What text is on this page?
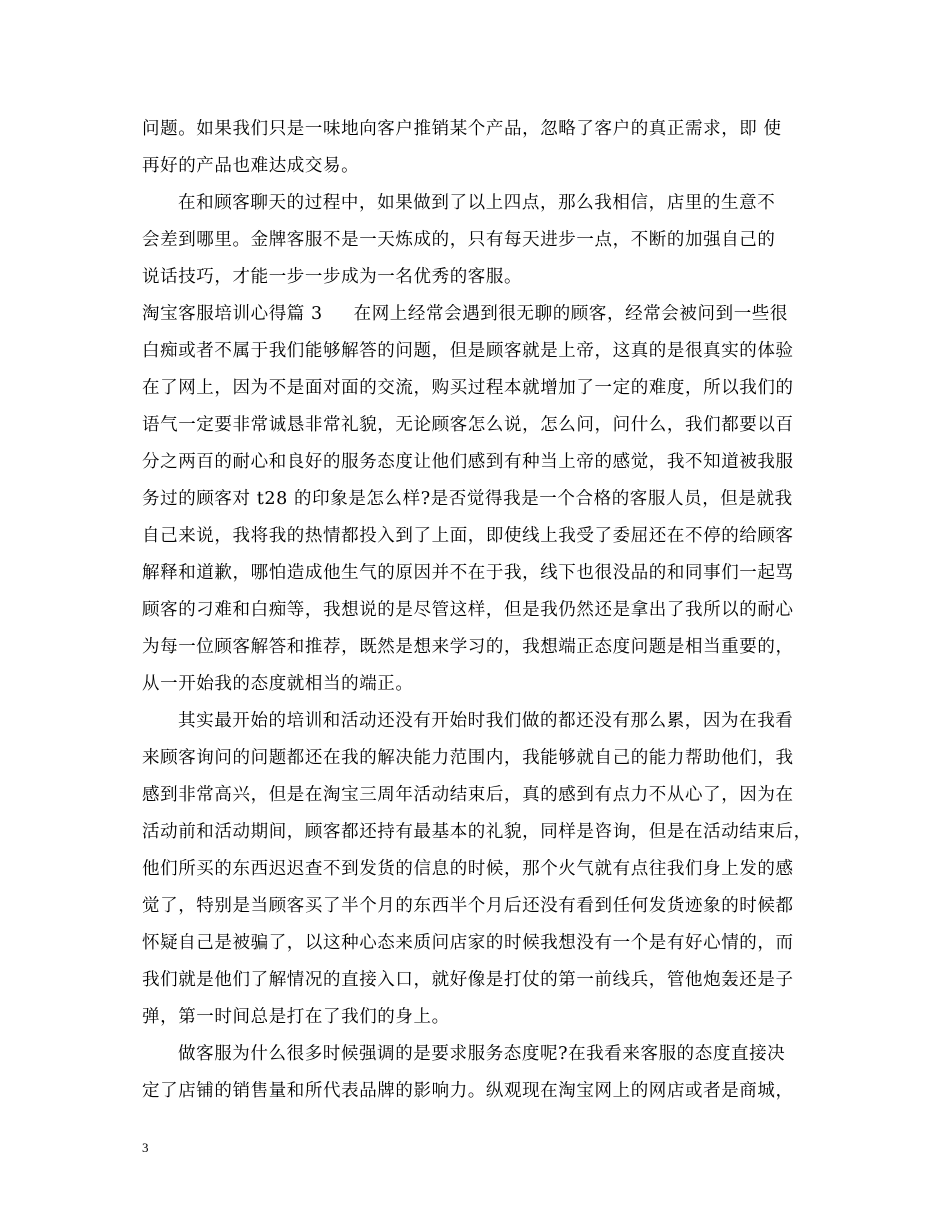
问题。如果我们只是一味地向客户推销某个产品，忽略了客户的真正需求，即 使
再好的产品也难达成交易。
在和顾客聊天的过程中，如果做到了以上四点，那么我相信，店里的生意不
会差到哪里。金牌客服不是一天炼成的，只有每天进步一点，不断的加强自己的
说话技巧，才能一步一步成为一名优秀的客服。
淘宝客服培训心得篇 3     在网上经常会遇到很无聊的顾客，经常会被问到一些很
白痴或者不属于我们能够解答的问题，但是顾客就是上帝，这真的是很真实的体验
在了网上，因为不是面对面的交流，购买过程本就增加了一定的难度，所以我们的
语气一定要非常诚恳非常礼貌，无论顾客怎么说，怎么问，问什么，我们都要以百
分之两百的耐心和良好的服务态度让他们感到有种当上帝的感觉，我不知道被我服
务过的顾客对 t28 的印象是怎么样?是否觉得我是一个合格的客服人员，但是就我
自己来说，我将我的热情都投入到了上面，即使线上我受了委屈还在不停的给顾客
解释和道歉，哪怕造成他生气的原因并不在于我，线下也很没品的和同事们一起骂
顾客的刁难和白痴等，我想说的是尽管这样，但是我仍然还是拿出了我所以的耐心
为每一位顾客解答和推荐，既然是想来学习的，我想端正态度问题是相当重要的，
从一开始我的态度就相当的端正。
其实最开始的培训和活动还没有开始时我们做的都还没有那么累，因为在我看
来顾客询问的问题都还在我的解决能力范围内，我能够就自己的能力帮助他们，我
感到非常高兴，但是在淘宝三周年活动结束后，真的感到有点力不从心了，因为在
活动前和活动期间，顾客都还持有最基本的礼貌，同样是咨询，但是在活动结束后，
他们所买的东西迟迟查不到发货的信息的时候，那个火气就有点往我们身上发的感
觉了，特别是当顾客买了半个月的东西半个月后还没有看到任何发货迹象的时候都
怀疑自己是被骗了，以这种心态来质问店家的时候我想没有一个是有好心情的，而
我们就是他们了解情况的直接入口，就好像是打仗的第一前线兵，管他炮轰还是子
弹，第一时间总是打在了我们的身上。
做客服为什么很多时候强调的是要求服务态度呢?在我看来客服的态度直接决
定了店铺的销售量和所代表品牌的影响力。纵观现在淘宝网上的网店或者是商城，
3
